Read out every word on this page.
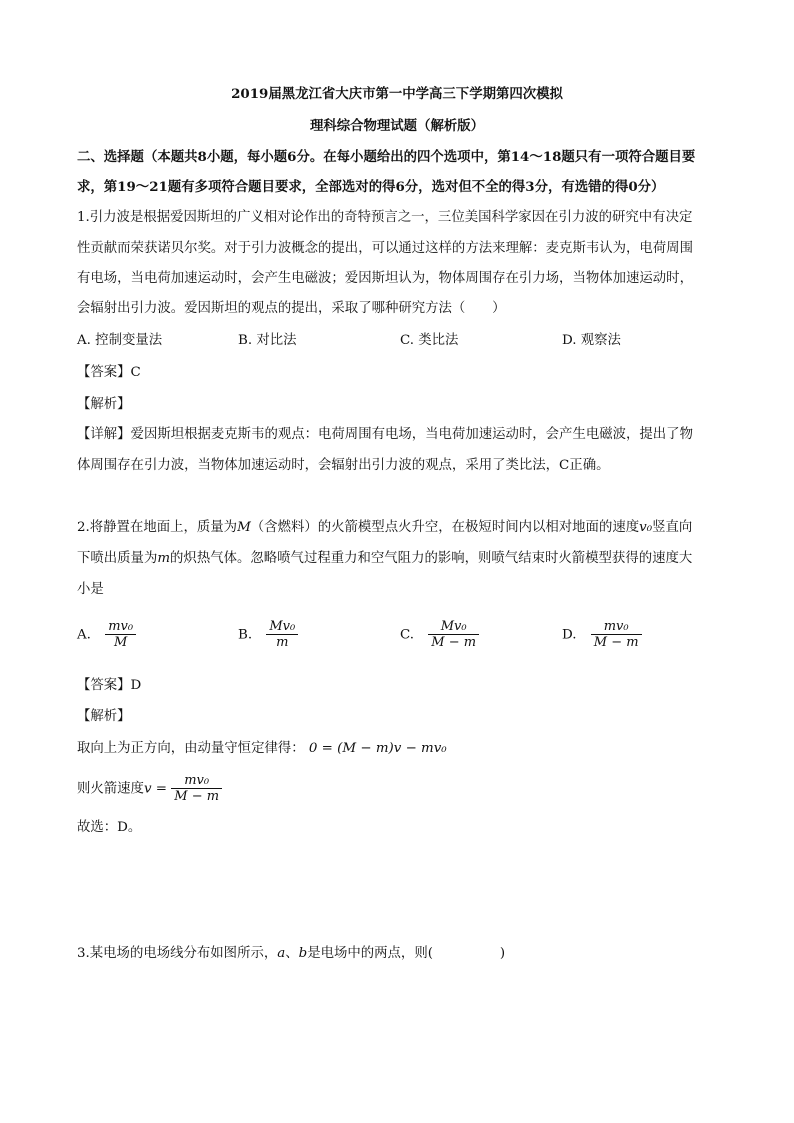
2019届黑龙江省大庆市第一中学高三下学期第四次模拟
理科综合物理试题（解析版）
二、选择题（本题共8小题，每小题6分。在每小题给出的四个选项中，第14～18题只有一项符合题目要
求，第19～21题有多项符合题目要求，全部选对的得6分，选对但不全的得3分，有选错的得0分）
1.引力波是根据爱因斯坦的广义相对论作出的奇特预言之一，三位美国科学家因在引力波的研究中有决定
性贡献而荣获诺贝尔奖。对于引力波概念的提出，可以通过这样的方法来理解：麦克斯韦认为，电荷周围
有电场，当电荷加速运动时，会产生电磁波；爱因斯坦认为，物体周围存在引力场，当物体加速运动时，
会辐射出引力波。爱因斯坦的观点的提出，采取了哪种研究方法（　　）
A. 控制变量法	B. 对比法	C. 类比法	D. 观察法
【答案】C
【解析】
【详解】爱因斯坦根据麦克斯韦的观点：电荷周围有电场，当电荷加速运动时，会产生电磁波，提出了物
体周围存在引力波，当物体加速运动时，会辐射出引力波的观点，采用了类比法，C正确。
2.将静置在地面上，质量为M（含燃料）的火箭模型点火升空，在极短时间内以相对地面的速度v₀竖直向
下喷出质量为m的炽热气体。忽略喷气过程重力和空气阻力的影响，则喷气结束时火箭模型获得的速度大
小是
A. $\frac{\text{mv₀}}{M}$	B. $\frac{\text{Mv₀}}{m}$	C. $\frac{\text{Mv₀}}{M - m}$	D. $\frac{\text{mv₀}}{M - m}$
【答案】D
【解析】
取向上为正方向，由动量守恒定律得： 0 = (M − m)v − mv₀
则火箭速度$v = \frac{\text{mv₀}}{M - m}$
故选：D。
3.某电场的电场线分布如图所示，a、b是电场中的两点，则(　　　　　)
